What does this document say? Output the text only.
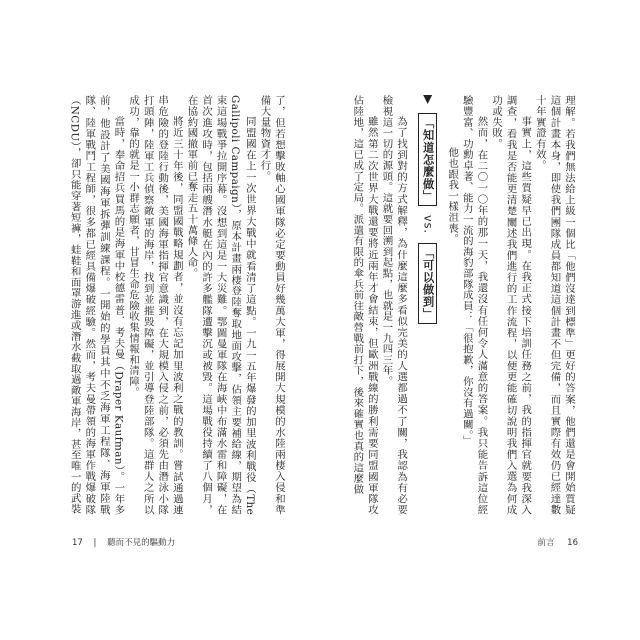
了，但若想擊敗軸心國軍隊必定要動員好幾萬大軍，得展開大規模的水陸兩棲入侵和準備大量物資才行。

同盟國在上一次世界大戰中就看清了這點。一九一五年爆發的加里波利戰役（The Gallipoli Campaign），原本計畫兩棲登陸奪取地面攻擊，佔領主要補給線，期望為結束這場戰爭拉開序幕。沒想到這是一大災難。鄂圖曼軍隊在海峽中布滿水雷和障礙，在首次進攻時，包括兩艘潛水艇在內的許多艦隊遭擊沉或被毀。這場戰役持續了八個月，在協約國撤軍前已奪走五十萬條人命。

將近三十年後，同盟國戰略規劃者，並沒有忘記加里波利之戰的教訓。嘗試通過連串危險的登陸行動後，美國海軍指揮官意識到，在大規模入侵之前，必須先由潛泳小隊打頭陣，陸軍工兵偵察敵軍的海岸，找到並摧毀障礙，並引導登陸部隊。這群人之所以成功，靠的就是一小群志願者，甘冒生命危險收集情報和清障。

當時，奉命招兵買馬的是海軍中校德雷普．考夫曼（Draper Kaufman）。一年多前，他設計了美國海軍拆彈訓練課程。一開始的學員其中不乏海軍工程隊、海軍陸戰隊、陸軍戰鬥工程師，很多都已經具備爆破經驗。然而，考夫曼帶領的海軍作戰爆破隊（NCDU），卻只能穿著短褲，蛙鞋和面罩游進或潛水截取過敵軍海岸，甚至唯一的武裝	理解。若我們無法給上級一個比「他們沒達到標準」更好的答案，他們還是會開始質疑這個計畫本身，即使我們團隊成員都知道這個計畫不但完備，而且實際有效仍已經達數十年實證有效。

事實上，這些質疑早已出現。在我正式接下培訓任務之前，我的指揮官就要我深入調查，看我是否能更清楚闡述我們進行的工作流程，以便更能確切說明我們入選為何成功或失敗。

然而，在二〇一〇年的那一天，我還沒有任何令人滿意的答案。我只能告訴這位經驗豐富、功勳卓著、能力一流的海豹部隊成員：「很抱歉，你沒有過關。」

他也跟我一樣沮喪。

「知道怎麼做」 vs. 「可以做到」

為了找到對的方式解釋，為什麼這麼多看似完美的人選都過不了關，我認為有必要檢視這一切的源頭。這就要回溯到起點，也就是一九四三年。

雖然第二次世界大戰還要將近兩年才會結束，但歐洲戰線的勝利需要同盟國軍隊攻佔陸地，這已成了定局。派遣有限的傘兵前往敵營戰前打下，後來確實也真的這麼做

17 | 聽而不見的驅動力	前言 16
